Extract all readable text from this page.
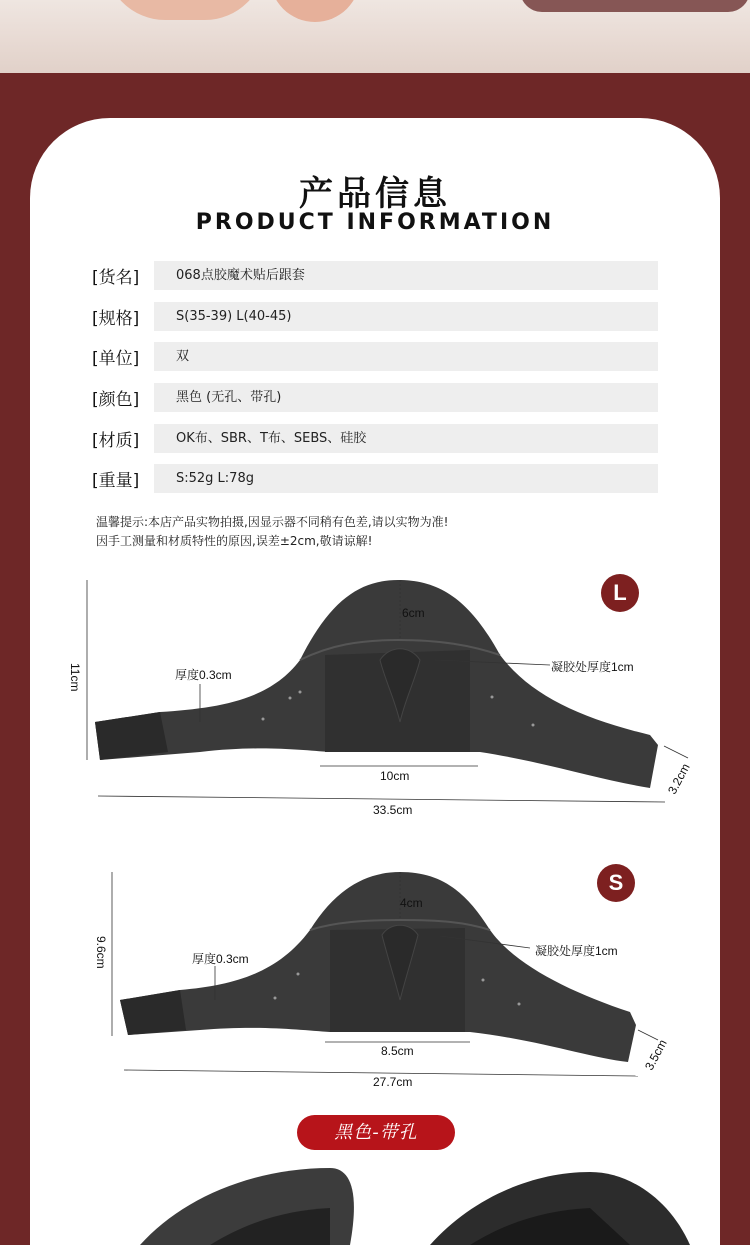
产品信息
PRODUCT INFORMATION
[货名]	068点胶魔术贴后跟套
[规格]	S(35-39) L(40-45)
[单位]	双
[颜色]	黑色 (无孔、带孔)
[材质]	OK布、SBR、T布、SEBS、硅胶
[重量]	S:52g L:78g
温馨提示:本店产品实物拍摄,因显示器不同稍有色差,请以实物为准!
因手工测量和材质特性的原因,误差±2cm,敬请谅解!
L
11cm
6cm
厚度0.3cm
凝胶处厚度1cm
10cm
33.5cm
3.2cm
S
9.6cm
4cm
厚度0.3cm
凝胶处厚度1cm
8.5cm
27.7cm
3.5cm
黑色-带孔
